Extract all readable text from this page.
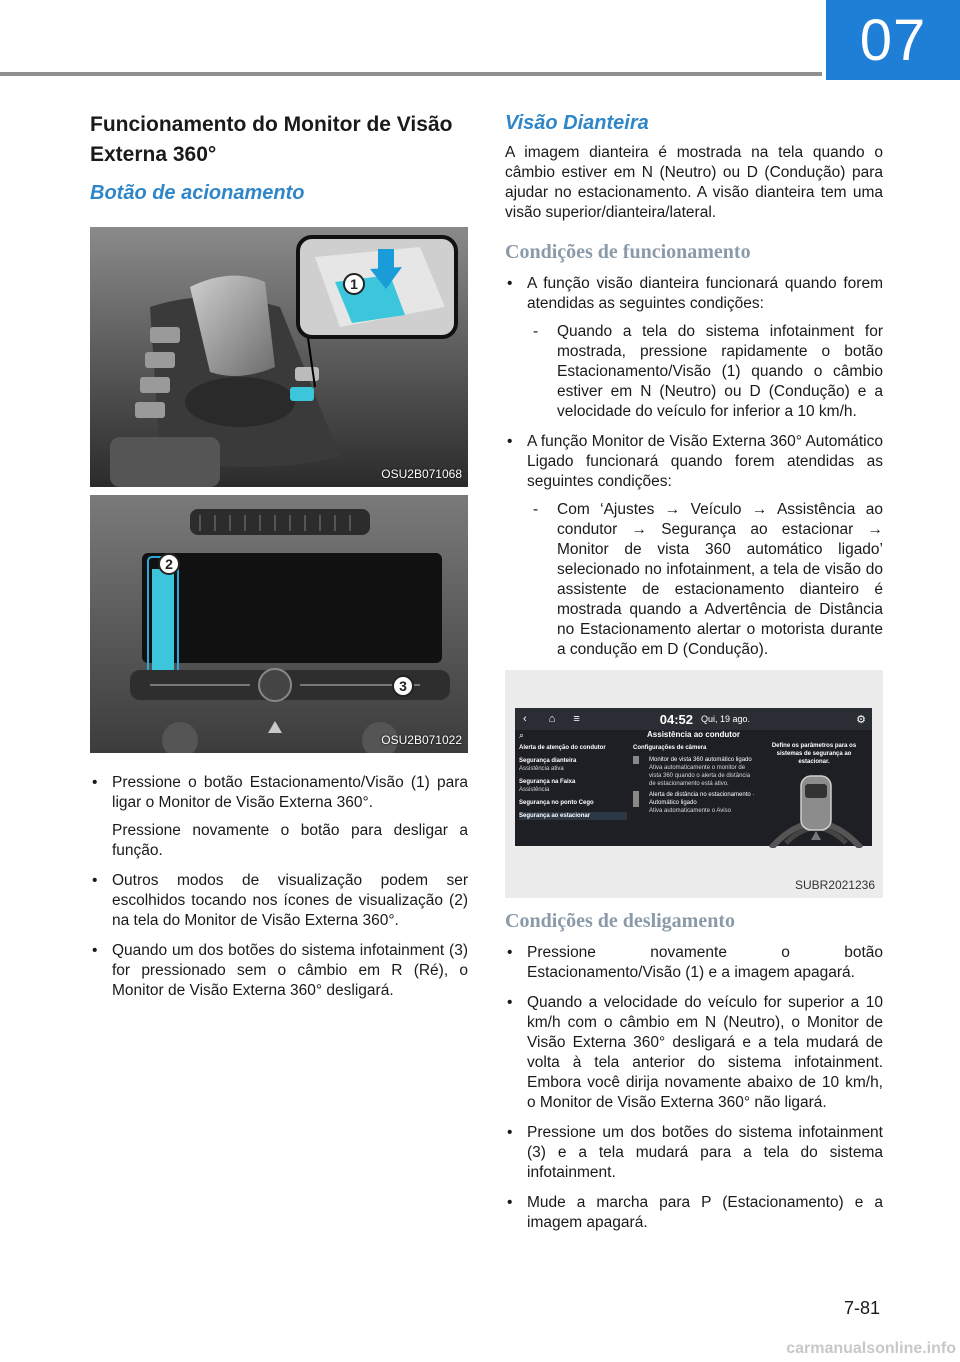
07
Funcionamento do Monitor de Visão Externa 360°
Botão de acionamento
1
OSU2B071068
2
3
OSU2B071022
• Pressione o botão Estacionamento/Visão (1) para ligar o Monitor de Visão Externa 360°.
Pressione novamente o botão para desligar a função.
• Outros modos de visualização podem ser escolhidos tocando nos ícones de visualização (2) na tela do Monitor de Visão Externa 360°.
• Quando um dos botões do sistema infotainment (3) for pressionado sem o câmbio em R (Ré), o Monitor de Visão Externa 360° desligará.
Visão Dianteira

A imagem dianteira é mostrada na tela quando o câmbio estiver em N (Neutro) ou D (Condução) para ajudar no estacionamento. A visão dianteira tem uma visão superior/dianteira/lateral.

Condições de funcionamento
• A função visão dianteira funcionará quando forem atendidas as seguintes condições:
- Quando a tela do sistema infotainment for mostrada, pressione rapidamente o botão Estacionamento/Visão (1) quando o câmbio estiver em N (Neutro) ou D (Condução) e a velocidade do veículo for inferior a 10 km/h.
• A função Monitor de Visão Externa 360° Automático Ligado funcionará quando forem atendidas as seguintes condições:
- Com ‘Ajustes → Veículo → Assistência ao condutor → Segurança ao estacionar → Monitor de vista 360 automático ligado’ selecionado no infotainment, a tela de visão do assistente de estacionamento dianteiro é mostrada quando a Advertência de Distância no Estacionamento alertar o motorista durante a condução em D (Condução).
‹ ⌂ ≡	04:52 Qui, 19 ago.	⚙
Assistência ao condutor
⌕
Alerta de atenção do condutor
Segurança dianteira
Assistência ativa
Segurança na Faixa
Assistência
Segurança no ponto Cego
Segurança ao estacionar
Configurações de câmera
Monitor de vista 360 automático ligado
Ativa automaticamente o monitor de vista 360 quando o alerta de distância de estacionamento está ativo.
Alerta de distância no estacionamento · Automático ligado
Ativa automaticamente o Aviso
Define os parâmetros para os sistemas de segurança ao estacionar.
SUBR2021236
Condições de desligamento
• Pressione novamente o botão Estacionamento/Visão (1) e a imagem apagará.
• Quando a velocidade do veículo for superior a 10 km/h com o câmbio em N (Neutro), o Monitor de Visão Externa 360° desligará e a tela mudará de volta à tela anterior do sistema infotainment. Embora você dirija novamente abaixo de 10 km/h, o Monitor de Visão Externa 360° não ligará.
• Pressione um dos botões do sistema infotainment (3) e a tela mudará para a tela do sistema infotainment.
• Mude a marcha para P (Estacionamento) e a imagem apagará.
7-81
carmanualsonline.info
